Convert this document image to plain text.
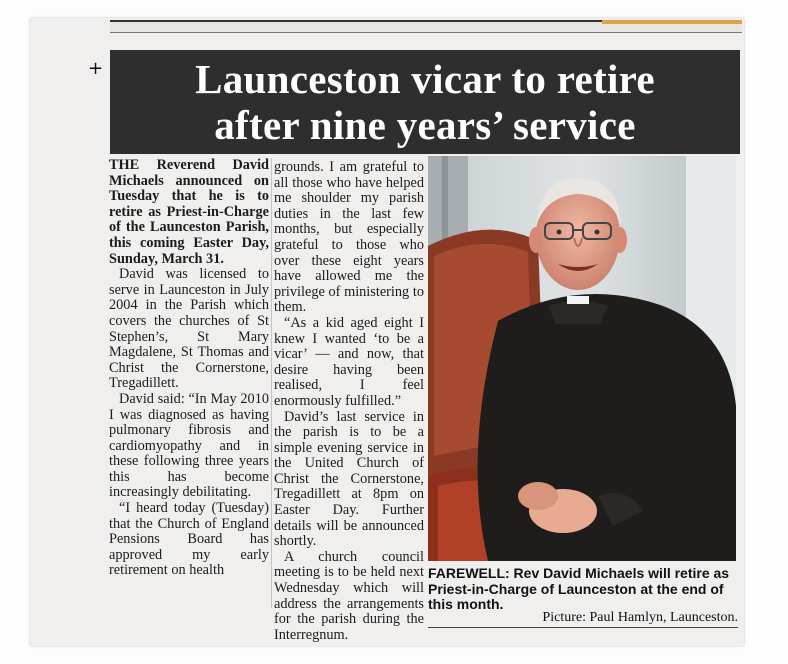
+ Launceston vicar to retire
after nine years’ service

THE Reverend David Michaels announced on Tuesday that he is to retire as Priest-in-Charge of the Launceston Parish, this coming Easter Day, Sunday, March 31.

David was licensed to serve in Launceston in July 2004 in the Parish which covers the churches of St Stephen’s, St Mary Magdalene, St Thomas and Christ the Cornerstone, Tregadillett.

David said: “In May 2010 I was diagnosed as having pulmonary fibrosis and cardiomyopathy and in these following three years this has become increasingly debilitating.

“I heard today (Tuesday) that the Church of England Pensions Board has approved my early retirement on health

grounds. I am grateful to all those who have helped me shoulder my parish duties in the last few months, but especially grateful to those who over these eight years have allowed me the privilege of ministering to them.

“As a kid aged eight I knew I wanted ‘to be a vicar’ — and now, that desire having been realised, I feel enormously fulfilled.”

David’s last service in the parish is to be a simple evening service in the United Church of Christ the Cornerstone, Tregadillett at 8pm on Easter Day. Further details will be announced shortly.

A church council meeting is to be held next Wednesday which will address the arrangements for the parish during the Interregnum.

FAREWELL: Rev David Michaels will retire as Priest-in-Charge of Launceston at the end of this month.
Picture: Paul Hamlyn, Launceston.
